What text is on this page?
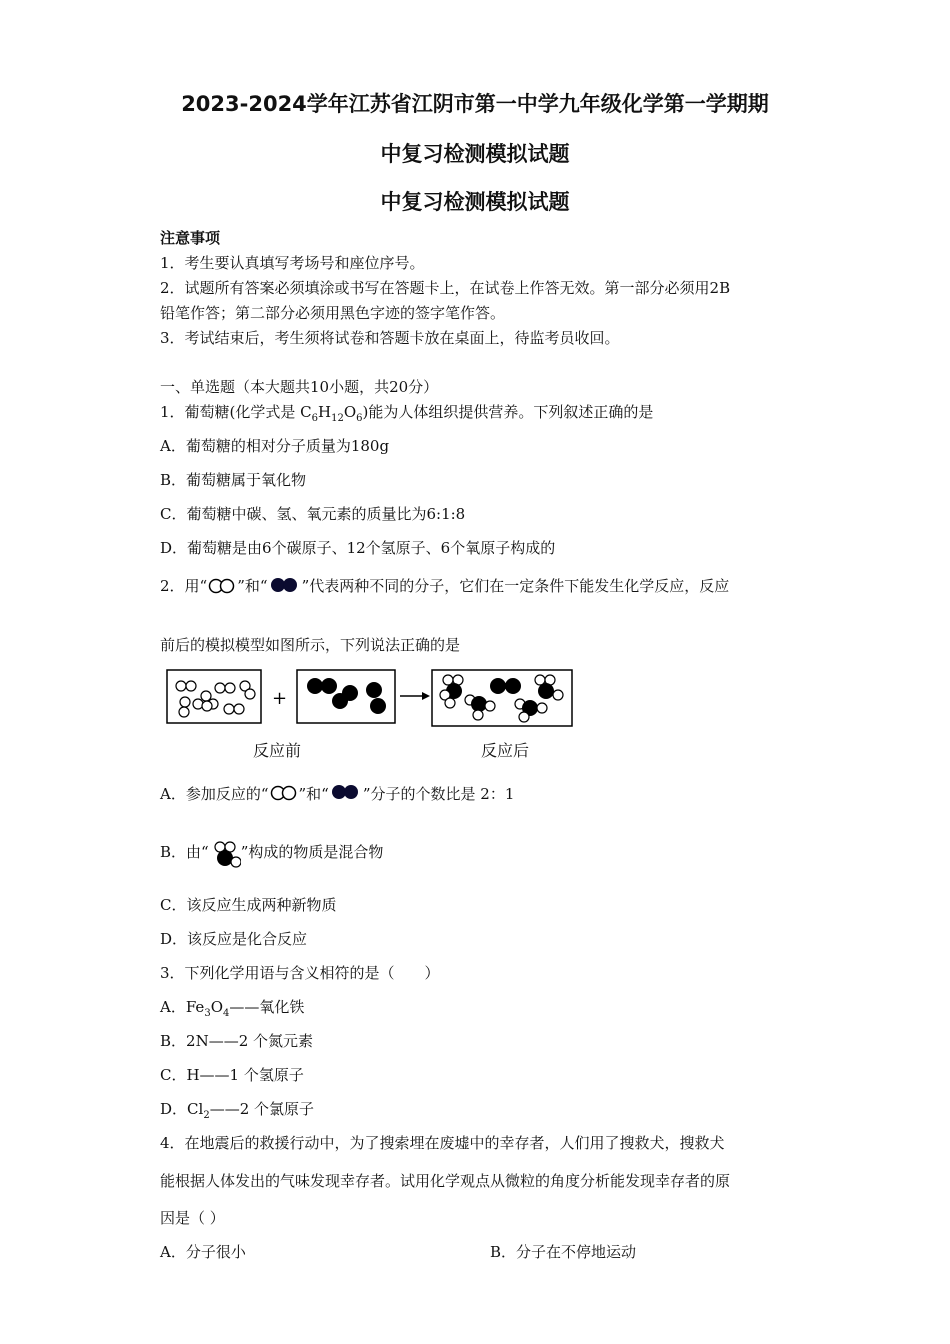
2023-2024学年江苏省江阴市第一中学九年级化学第一学期期
中复习检测模拟试题
中复习检测模拟试题
注意事项
1．考生要认真填写考场号和座位序号。
2．试题所有答案必须填涂或书写在答题卡上，在试卷上作答无效。第一部分必须用2B
铅笔作答；第二部分必须用黑色字迹的签字笔作答。
3．考试结束后，考生须将试卷和答题卡放在桌面上，待监考员收回。
一、单选题（本大题共10小题，共20分）
1．葡萄糖(化学式是 $C_6H_{12}O_6$)能为人体组织提供营养。下列叙述正确的是
A．葡萄糖的相对分子质量为180g
B．葡萄糖属于氧化物
C．葡萄糖中碳、氢、氧元素的质量比为6:1:8
D．葡萄糖是由6个碳原子、12个氢原子、6个氧原子构成的
2．用“ ”和“ ”代表两种不同的分子，它们在一定条件下能发生化学反应，反应
前后的模拟模型如图所示，下列说法正确的是
+
反应前	反应后
A．参加反应的“ ”和“ ”分子的个数比是 2：1
B．由“ ”构成的物质是混合物
C．该反应生成两种新物质
D．该反应是化合反应
3．下列化学用语与含义相符的是（　　）
A．$Fe_3O_4——$氧化铁
B．2N——2 个氮元素
C．H——1 个氢原子
D．$Cl_2——2$ 个氯原子
4．在地震后的救援行动中，为了搜索埋在废墟中的幸存者，人们用了搜救犬，搜救犬
能根据人体发出的气味发现幸存者。试用化学观点从微粒的角度分析能发现幸存者的原
因是（ ）
A．分子很小	B．分子在不停地运动
